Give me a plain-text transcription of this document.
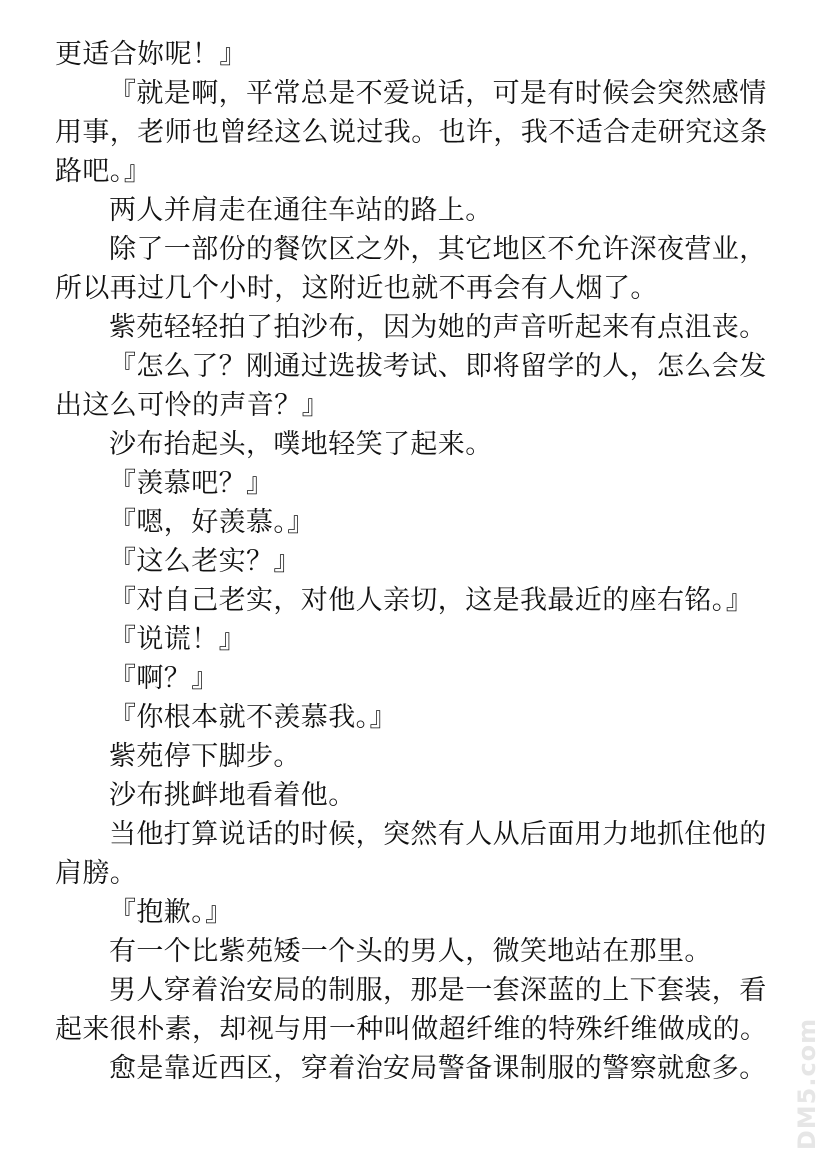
更适合妳呢！』
『就是啊，平常总是不爱说话，可是有时候会突然感情
用事，老师也曾经这么说过我。也许，我不适合走研究这条
路吧。』
两人并肩走在通往车站的路上。
除了一部份的餐饮区之外，其它地区不允许深夜营业，
所以再过几个小时，这附近也就不再会有人烟了。
紫苑轻轻拍了拍沙布，因为她的声音听起来有点沮丧。
『怎么了？刚通过选拔考试、即将留学的人，怎么会发
出这么可怜的声音？』
沙布抬起头，噗地轻笑了起来。
『羡慕吧？』
『嗯，好羡慕。』
『这么老实？』
『对自己老实，对他人亲切，这是我最近的座右铭。』
『说谎！』
『啊？』
『你根本就不羡慕我。』
紫苑停下脚步。
沙布挑衅地看着他。
当他打算说话的时候，突然有人从后面用力地抓住他的
肩膀。
『抱歉。』
有一个比紫苑矮一个头的男人，微笑地站在那里。
男人穿着治安局的制服，那是一套深蓝的上下套装，看
起来很朴素，却视与用一种叫做超纤维的特殊纤维做成的。
愈是靠近西区，穿着治安局警备课制服的警察就愈多。 DM5.com
